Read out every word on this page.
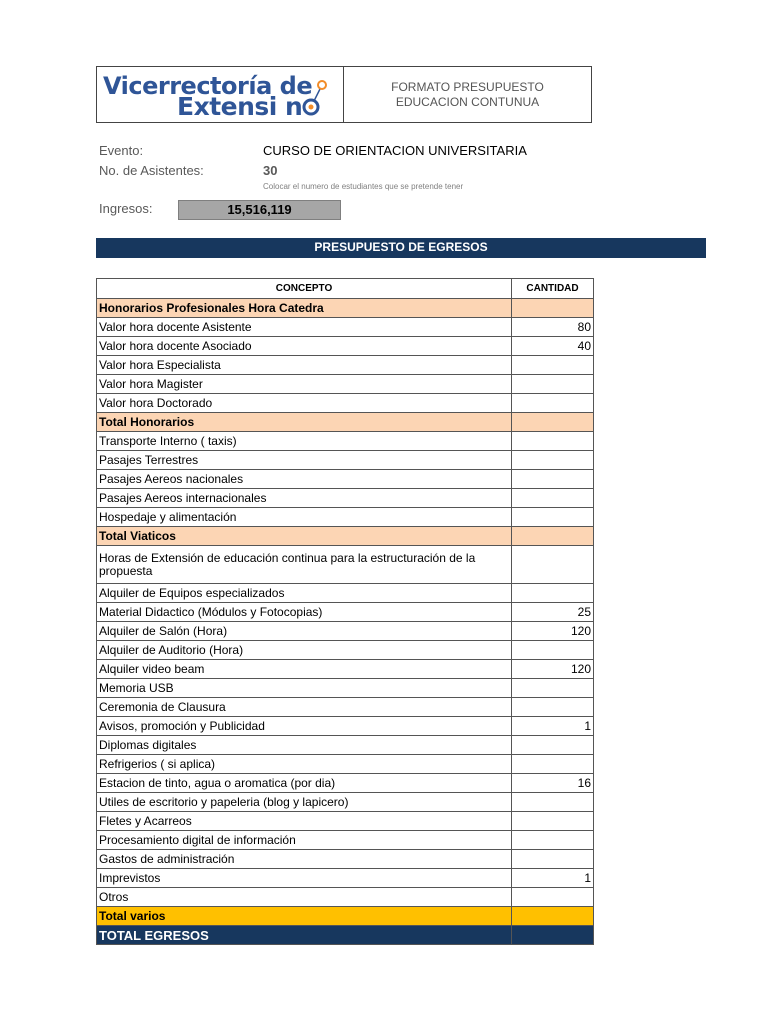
Vicerrectoría de
Extensi n
FORMATO PRESUPUESTO
EDUCACION CONTUNUA
Evento:	CURSO DE ORIENTACION UNIVERSITARIA
No. de Asistentes:	30
Colocar el numero de estudiantes que se pretende tener
Ingresos:	15,516,119
PRESUPUESTO DE EGRESOS
CONCEPTO	CANTIDAD
Honorarios Profesionales Hora Catedra	
Valor hora docente Asistente	80
Valor hora docente Asociado	40
Valor hora Especialista	
Valor hora Magister	
Valor hora Doctorado	
Total Honorarios	
Transporte Interno ( taxis)	
Pasajes Terrestres	
Pasajes Aereos nacionales	
Pasajes Aereos internacionales	
Hospedaje y alimentación	
Total Viaticos	
Horas de Extensión de educación continua para la estructuración de la propuesta	
Alquiler de Equipos especializados	
Material Didactico (Módulos y Fotocopias)	25
Alquiler de Salón (Hora)	120
Alquiler de Auditorio (Hora)	
Alquiler video beam	120
Memoria USB	
Ceremonia de Clausura	
Avisos, promoción y Publicidad	1
Diplomas digitales	
Refrigerios ( si aplica)	
Estacion de tinto, agua o aromatica (por dia)	16
Utiles de escritorio y papeleria (blog y lapicero)	
Fletes y Acarreos	
Procesamiento digital de información	
Gastos de administración	
Imprevistos	1
Otros	
Total varios	
TOTAL EGRESOS	
